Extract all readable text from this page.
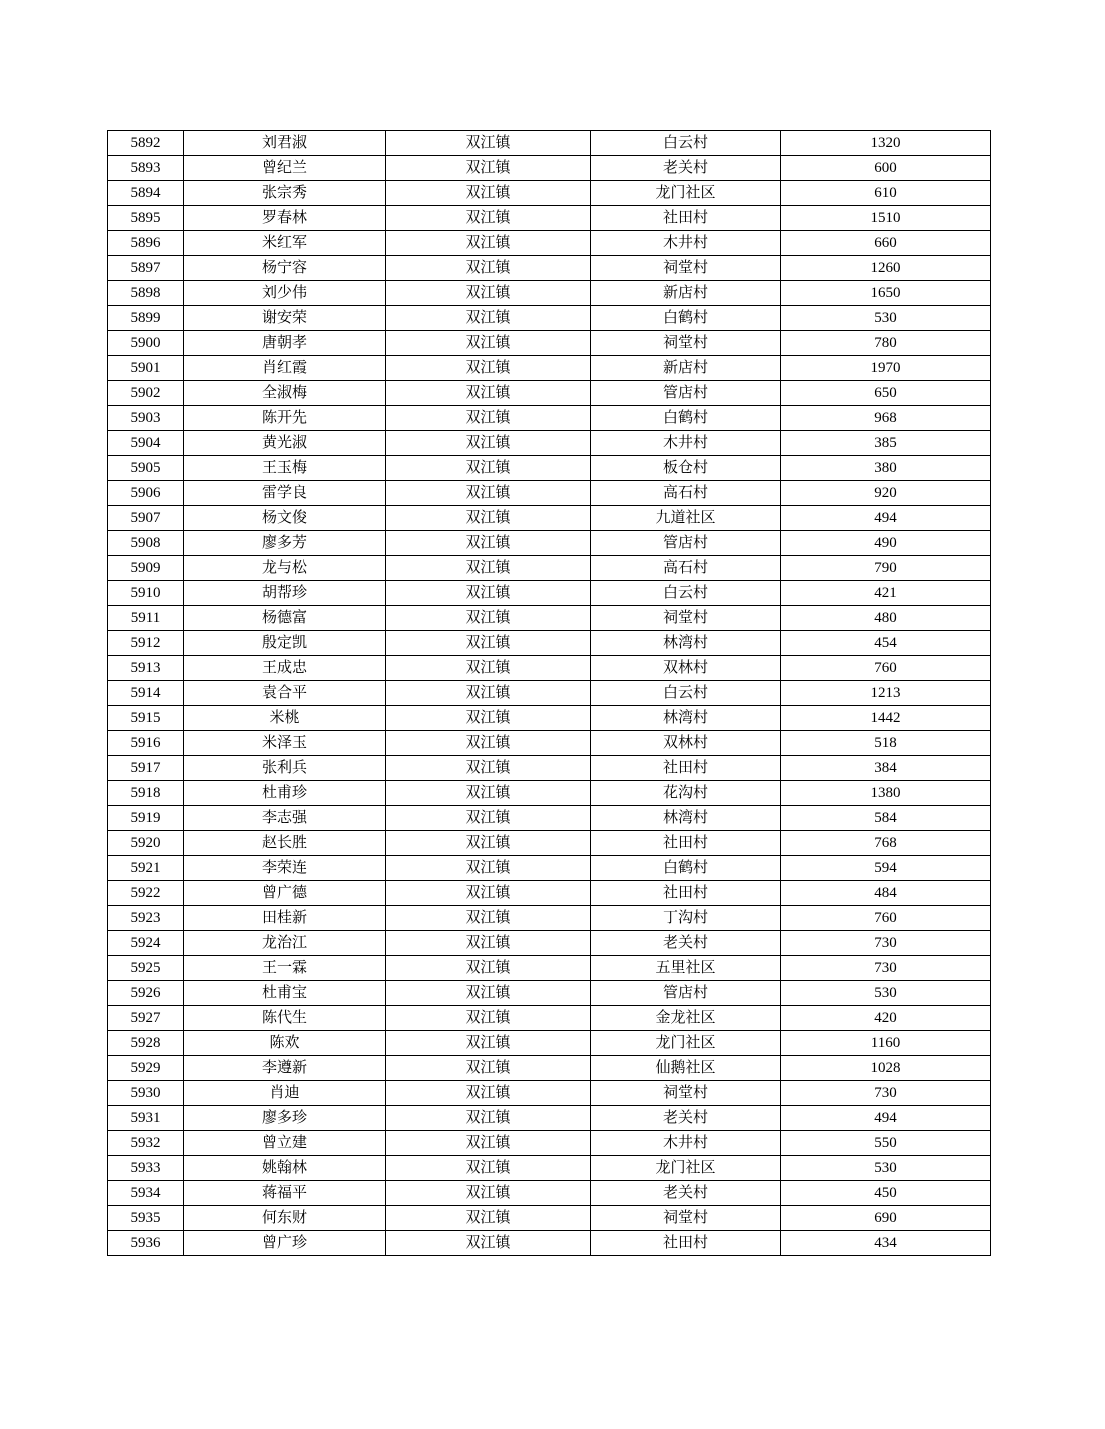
5892	刘君淑	双江镇	白云村	1320
5893	曾纪兰	双江镇	老关村	600
5894	张宗秀	双江镇	龙门社区	610
5895	罗春林	双江镇	社田村	1510
5896	米红军	双江镇	木井村	660
5897	杨宁容	双江镇	祠堂村	1260
5898	刘少伟	双江镇	新店村	1650
5899	谢安荣	双江镇	白鹤村	530
5900	唐朝孝	双江镇	祠堂村	780
5901	肖红霞	双江镇	新店村	1970
5902	全淑梅	双江镇	管店村	650
5903	陈开先	双江镇	白鹤村	968
5904	黄光淑	双江镇	木井村	385
5905	王玉梅	双江镇	板仓村	380
5906	雷学良	双江镇	高石村	920
5907	杨文俊	双江镇	九道社区	494
5908	廖多芳	双江镇	管店村	490
5909	龙与松	双江镇	高石村	790
5910	胡帮珍	双江镇	白云村	421
5911	杨德富	双江镇	祠堂村	480
5912	殷定凯	双江镇	林湾村	454
5913	王成忠	双江镇	双林村	760
5914	袁合平	双江镇	白云村	1213
5915	米桃	双江镇	林湾村	1442
5916	米泽玉	双江镇	双林村	518
5917	张利兵	双江镇	社田村	384
5918	杜甫珍	双江镇	花沟村	1380
5919	李志强	双江镇	林湾村	584
5920	赵长胜	双江镇	社田村	768
5921	李荣连	双江镇	白鹤村	594
5922	曾广德	双江镇	社田村	484
5923	田桂新	双江镇	丁沟村	760
5924	龙治江	双江镇	老关村	730
5925	王一霖	双江镇	五里社区	730
5926	杜甫宝	双江镇	管店村	530
5927	陈代生	双江镇	金龙社区	420
5928	陈欢	双江镇	龙门社区	1160
5929	李遵新	双江镇	仙鹅社区	1028
5930	肖迪	双江镇	祠堂村	730
5931	廖多珍	双江镇	老关村	494
5932	曾立建	双江镇	木井村	550
5933	姚翰林	双江镇	龙门社区	530
5934	蒋福平	双江镇	老关村	450
5935	何东财	双江镇	祠堂村	690
5936	曾广珍	双江镇	社田村	434
